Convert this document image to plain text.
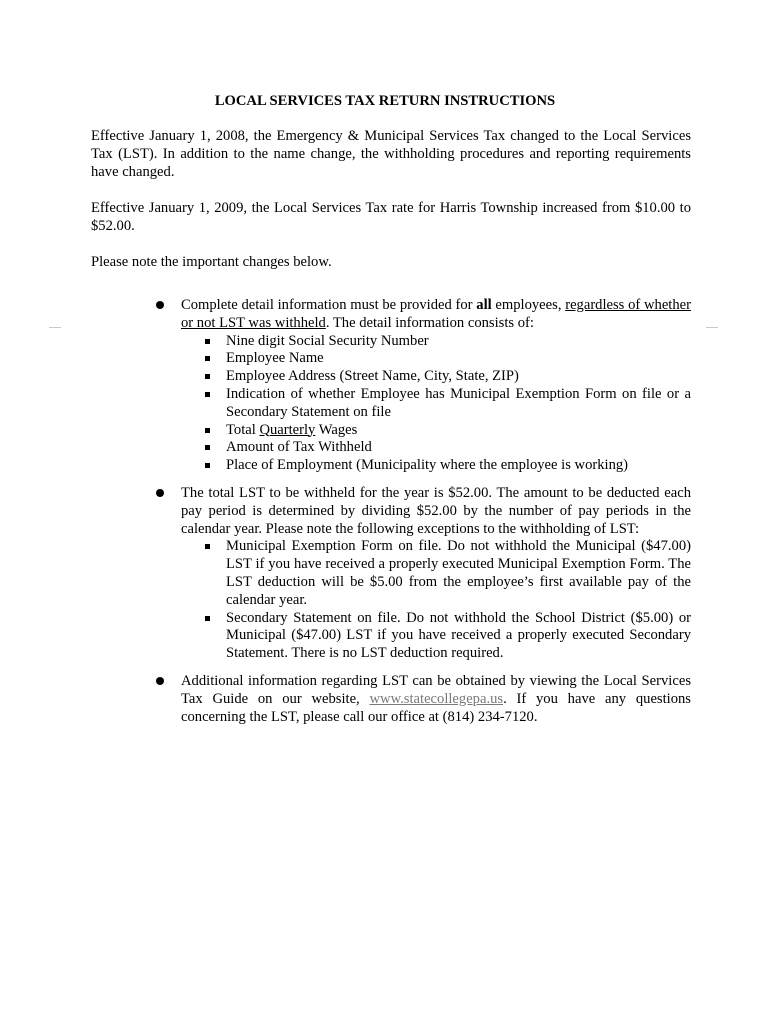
LOCAL SERVICES TAX RETURN INSTRUCTIONS

Effective January 1, 2008, the Emergency & Municipal Services Tax changed to the Local Services Tax (LST). In addition to the name change, the withholding procedures and reporting requirements have changed.

Effective January 1, 2009, the Local Services Tax rate for Harris Township increased from $10.00 to $52.00.

Please note the important changes below.

Complete detail information must be provided for all employees, regardless of whether or not LST was withheld. The detail information consists of:
Nine digit Social Security Number
Employee Name
Employee Address (Street Name, City, State, ZIP)
Indication of whether Employee has Municipal Exemption Form on file or a Secondary Statement on file
Total Quarterly Wages
Amount of Tax Withheld
Place of Employment (Municipality where the employee is working)
The total LST to be withheld for the year is $52.00. The amount to be deducted each pay period is determined by dividing $52.00 by the number of pay periods in the calendar year. Please note the following exceptions to the withholding of LST:
Municipal Exemption Form on file. Do not withhold the Municipal ($47.00) LST if you have received a properly executed Municipal Exemption Form. The LST deduction will be $5.00 from the employee’s first available pay of the calendar year.
Secondary Statement on file. Do not withhold the School District ($5.00) or Municipal ($47.00) LST if you have received a properly executed Secondary Statement. There is no LST deduction required.
Additional information regarding LST can be obtained by viewing the Local Services Tax Guide on our website, www.statecollegepa.us. If you have any questions concerning the LST, please call our office at (814) 234-7120.
